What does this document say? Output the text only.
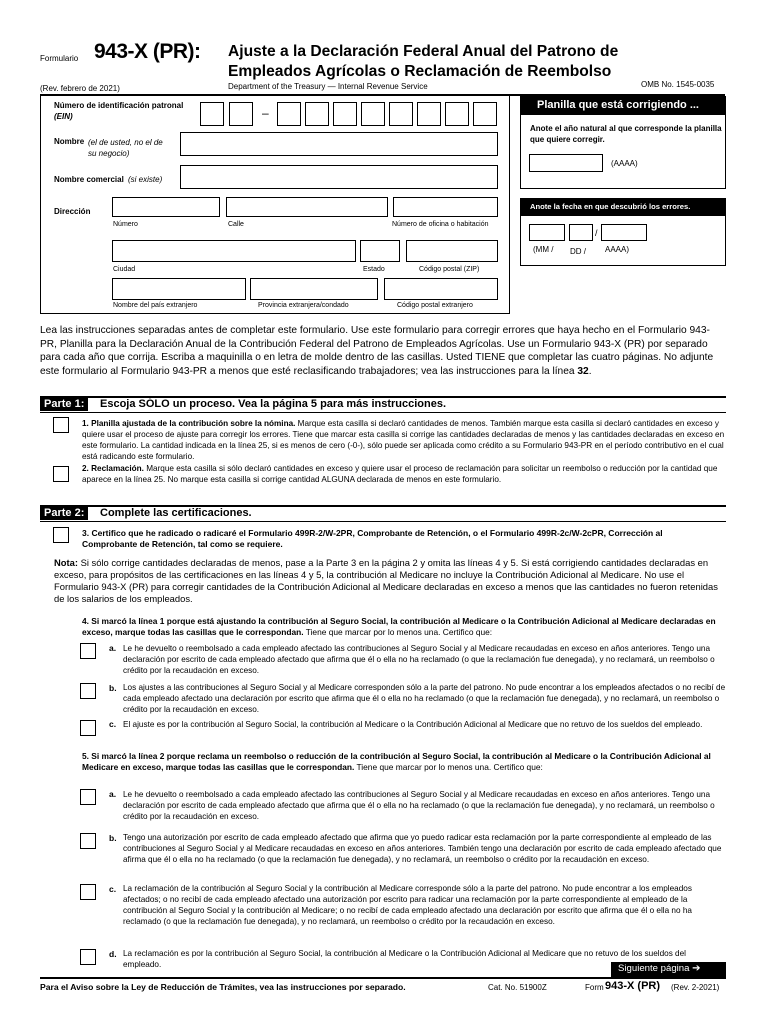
Formulario 943-X (PR): Ajuste a la Declaración Federal Anual del Patrono de
Empleados Agrícolas o Reclamación de Reembolso
(Rev. febrero de 2021)	Department of the Treasury — Internal Revenue Service	OMB No. 1545-0035
Número de identificación patronal
(EIN)	–
Nombre (el de usted, no el de su negocio)
Nombre comercial (si existe)
Dirección
Número	Calle	Número de oficina o habitación
Ciudad	Estado	Código postal (ZIP)
Nombre del país extranjero	Provincia extranjera/condado	Código postal extranjero
Planilla que está corrigiendo ...
Anote el año natural al que corresponde la planilla que quiere corregir.
(AAAA)
Anote la fecha en que descubrió los errores.
/
(MM / DD / AAAA)
Lea las instrucciones separadas antes de completar este formulario. Use este formulario para corregir errores que haya hecho en el Formulario 943-PR, Planilla para la Declaración Anual de la Contribución Federal del Patrono de Empleados Agrícolas. Use un Formulario 943-X (PR) por separado para cada año que corrija. Escriba a maquinilla o en letra de molde dentro de las casillas. Usted TIENE que completar las cuatro páginas. No adjunte este formulario al Formulario 943-PR a menos que esté reclasificando trabajadores; vea las instrucciones para la línea 32.
Parte 1:	Escoja SÓLO un proceso. Vea la página 5 para más instrucciones.
1. Planilla ajustada de la contribución sobre la nómina. Marque esta casilla si declaró cantidades de menos. También marque esta casilla si declaró cantidades en exceso y quiere usar el proceso de ajuste para corregir los errores. Tiene que marcar esta casilla si corrige las cantidades declaradas de menos y las cantidades declaradas en exceso en este formulario. La cantidad indicada en la línea 25, si es menos de cero (-0-), sólo puede ser aplicada como crédito a su Formulario 943-PR en el período contributivo en el cual está radicando este formulario.
2. Reclamación. Marque esta casilla si sólo declaró cantidades en exceso y quiere usar el proceso de reclamación para solicitar un reembolso o reducción por la cantidad que aparece en la línea 25. No marque esta casilla si corrige cantidad ALGUNA declarada de menos en este formulario.
Parte 2:	Complete las certificaciones.
3. Certifico que he radicado o radicaré el Formulario 499R-2/W-2PR, Comprobante de Retención, o el Formulario 499R-2c/W-2cPR, Corrección al Comprobante de Retención, tal como se requiere.
Nota: Si sólo corrige cantidades declaradas de menos, pase a la Parte 3 en la página 2 y omita las líneas 4 y 5. Si está corrigiendo cantidades declaradas en exceso, para propósitos de las certificaciones en las líneas 4 y 5, la contribución al Medicare no incluye la Contribución Adicional al Medicare. No use el Formulario 943-X (PR) para corregir cantidades de la Contribución Adicional al Medicare declaradas en exceso a menos que las cantidades no fueron retenidas de los salarios de los empleados.
4. Si marcó la línea 1 porque está ajustando la contribución al Seguro Social, la contribución al Medicare o la Contribución Adicional al Medicare declaradas en exceso, marque todas las casillas que le correspondan. Tiene que marcar por lo menos una. Certifico que:
a. Le he devuelto o reembolsado a cada empleado afectado las contribuciones al Seguro Social y al Medicare recaudadas en exceso en años anteriores. Tengo una declaración por escrito de cada empleado afectado que afirma que él o ella no ha reclamado (o que la reclamación fue denegada), y no reclamará, un reembolso o crédito por la recaudación en exceso.
b. Los ajustes a las contribuciones al Seguro Social y al Medicare corresponden sólo a la parte del patrono. No pude encontrar a los empleados afectados o no recibí de cada empleado afectado una declaración por escrito que afirma que él o ella no ha reclamado (o que la reclamación fue denegada), y no reclamará, un reembolso o crédito por la recaudación en exceso.
c. El ajuste es por la contribución al Seguro Social, la contribución al Medicare o la Contribución Adicional al Medicare que no retuvo de los sueldos del empleado.
5. Si marcó la línea 2 porque reclama un reembolso o reducción de la contribución al Seguro Social, la contribución al Medicare o la Contribución Adicional al Medicare en exceso, marque todas las casillas que le correspondan. Tiene que marcar por lo menos una. Certifico que:
a. Le he devuelto o reembolsado a cada empleado afectado las contribuciones al Seguro Social y al Medicare recaudadas en exceso en años anteriores. Tengo una declaración por escrito de cada empleado afectado que afirma que él o ella no ha reclamado (o que la reclamación fue denegada), y no reclamará, un reembolso o crédito por la recaudación en exceso.
b. Tengo una autorización por escrito de cada empleado afectado que afirma que yo puedo radicar esta reclamación por la parte correspondiente al empleado de las contribuciones al Seguro Social y al Medicare recaudadas en exceso en años anteriores. También tengo una declaración por escrito de cada empleado afectado que afirma que él o ella no ha reclamado (o que la reclamación fue denegada), y no reclamará, un reembolso o crédito por la recaudación en exceso.
c. La reclamación de la contribución al Seguro Social y la contribución al Medicare corresponde sólo a la parte del patrono. No pude encontrar a los empleados afectados; o no recibí de cada empleado afectado una autorización por escrito para radicar una reclamación por la parte correspondiente al empleado de la contribución al Seguro Social y la contribución al Medicare; o no recibí de cada empleado afectado una declaración por escrito que afirma que él o ella no ha reclamado (o que la reclamación fue denegada), y no reclamará, un reembolso o crédito por la recaudación en exceso.
d. La reclamación es por la contribución al Seguro Social, la contribución al Medicare o la Contribución Adicional al Medicare que no retuvo de los sueldos del empleado.	Siguiente página ➔
Para el Aviso sobre la Ley de Reducción de Trámites, vea las instrucciones por separado.	Cat. No. 51900Z	Form 943-X (PR) (Rev. 2-2021)
